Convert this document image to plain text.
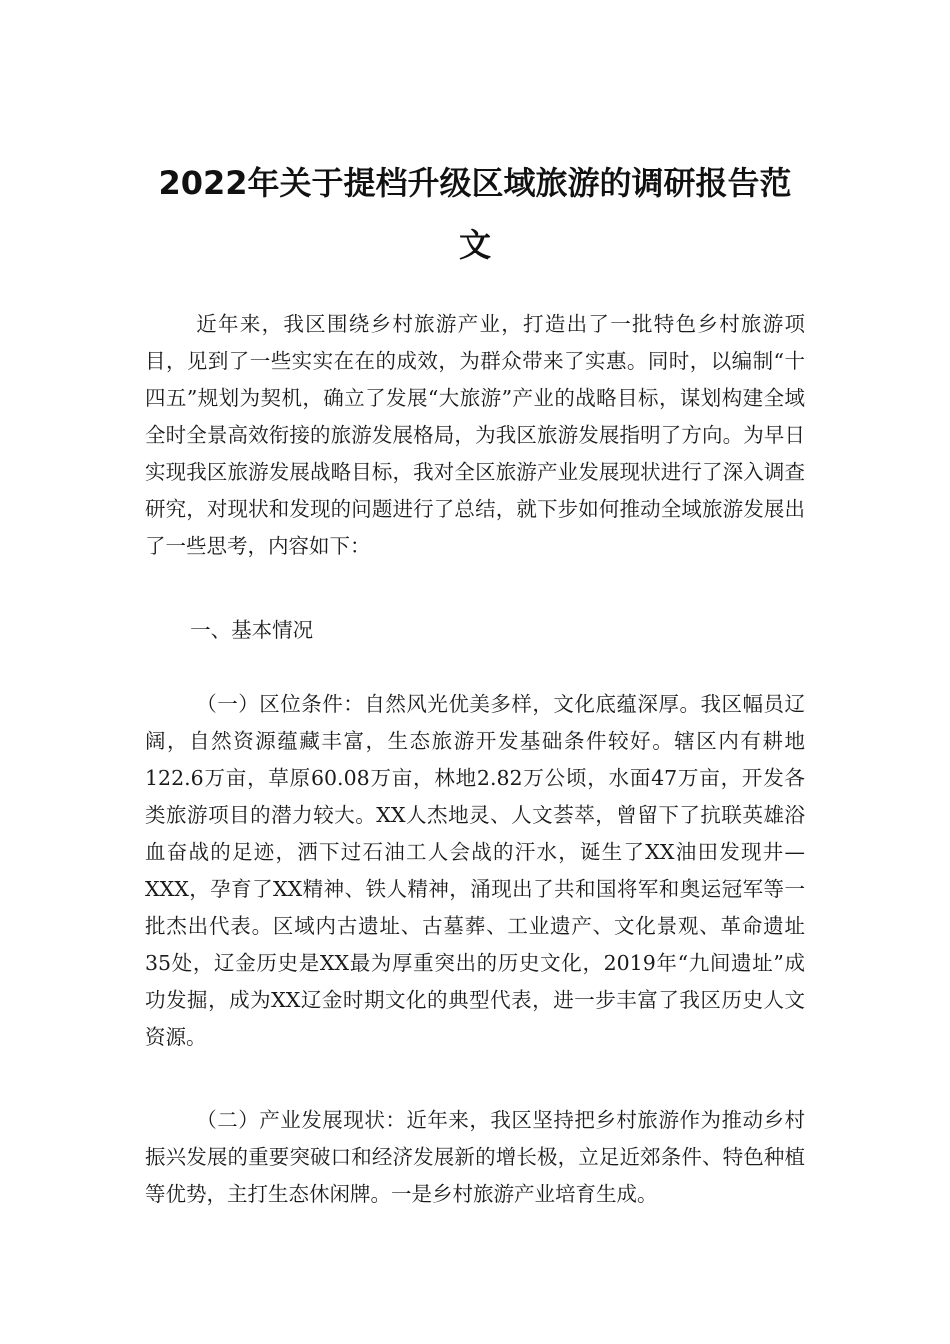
2022年关于提档升级区域旅游的调研报告范文

近年来，我区围绕乡村旅游产业，打造出了一批特色乡村旅游项目，见到了一些实实在在的成效，为群众带来了实惠。同时，以编制“十四五”规划为契机，确立了发展“大旅游”产业的战略目标，谋划构建全域全时全景高效衔接的旅游发展格局，为我区旅游发展指明了方向。为早日实现我区旅游发展战略目标，我对全区旅游产业发展现状进行了深入调查研究，对现状和发现的问题进行了总结，就下步如何推动全域旅游发展出了一些思考，内容如下：

一、基本情况

（一）区位条件：自然风光优美多样，文化底蕴深厚。我区幅员辽阔，自然资源蕴藏丰富，生态旅游开发基础条件较好。辖区内有耕地122.6万亩，草原60.08万亩，林地2.82万公顷，水面47万亩，开发各类旅游项目的潜力较大。XX人杰地灵、人文荟萃，曾留下了抗联英雄浴血奋战的足迹，洒下过石油工人会战的汗水，诞生了XX油田发现井—XXX，孕育了XX精神、铁人精神，涌现出了共和国将军和奥运冠军等一批杰出代表。区域内古遗址、古墓葬、工业遗产、文化景观、革命遗址35处，辽金历史是XX最为厚重突出的历史文化，2019年“九间遗址”成功发掘，成为XX辽金时期文化的典型代表，进一步丰富了我区历史人文资源。

（二）产业发展现状：近年来，我区坚持把乡村旅游作为推动乡村振兴发展的重要突破口和经济发展新的增长极，立足近郊条件、特色种植等优势，主打生态休闲牌。一是乡村旅游产业培育生成。
